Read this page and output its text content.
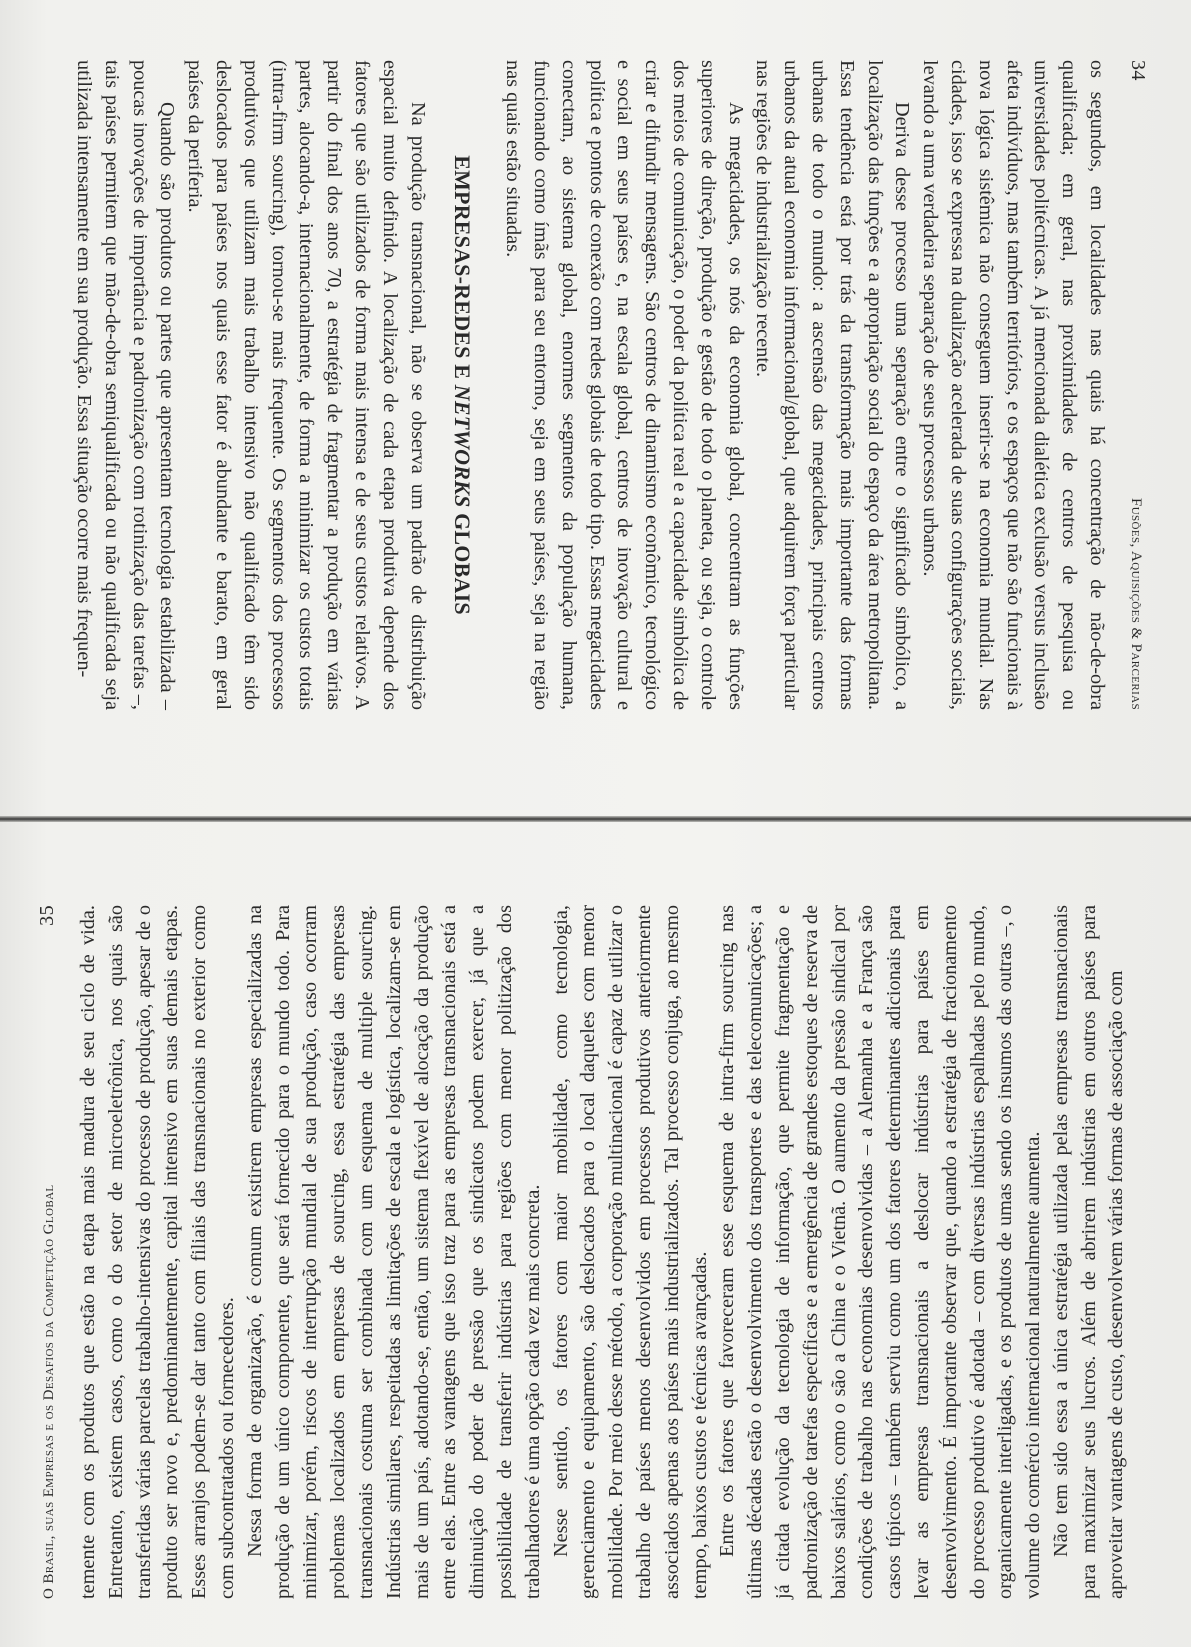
34
Fusões, Aquisições & Parcerias

os segundos, em localidades nas quais há concentração de não-de-obra qualificada; em geral, nas proximidades de centros de pesquisa ou universidades politécnicas. A já mencionada dialética exclusão versus inclusão afeta indivíduos, mas também territórios, e os espaços que não são funcionais à nova lógica sistêmica não conseguem inserir-se na economia mundial. Nas cidades, isso se expressa na dualização acelerada de suas configurações sociais, levando a uma verdadeira separação de seus processos urbanos.

Deriva desse processo uma separação entre o significado simbólico, a localização das funções e a apropriação social do espaço da área metropolitana. Essa tendência está por trás da transformação mais importante das formas urbanas de todo o mundo: a ascensão das megacidades, principais centros urbanos da atual economia informacional/global, que adquirem força particular nas regiões de industrialização recente.

As megacidades, os nós da economia global, concentram as funções superiores de direção, produção e gestão de todo o planeta, ou seja, o controle dos meios de comunicação, o poder da política real e a capacidade simbólica de criar e difundir mensagens. São centros de dinamismo econômico, tecnológico e social em seus países e, na escala global, centros de inovação cultural e política e pontos de conexão com redes globais de todo tipo. Essas megacidades conectam, ao sistema global, enormes segmentos da população humana, funcionando como ímãs para seu entorno, seja em seus países, seja na região nas quais estão situadas.

EMPRESAS-REDES E NETWORKS GLOBAIS

Na produção transnacional, não se observa um padrão de distribuição espacial muito definido. A localização de cada etapa produtiva depende dos fatores que são utilizados de forma mais intensa e de seus custos relativos. A partir do final dos anos 70, a estratégia de fragmentar a produção em várias partes, alocando-a, internacionalmente, de forma a minimizar os custos totais (intra-firm sourcing), tornou-se mais frequente. Os segmentos dos processos produtivos que utilizam mais trabalho intensivo não qualificado têm sido deslocados para países nos quais esse fator é abundante e barato, em geral países da periferia.

Quando são produtos ou partes que apresentam tecnologia estabilizada – poucas inovações de importância e padronização com rotinização das tarefas –, tais países permitem que mão-de-obra semiqualificada ou não qualificada seja utilizada intensamente em sua produção. Essa situação ocorre mais frequen-

35
O Brasil, suas Empresas e os Desafios da Competição Global temente com os produtos que estão na etapa mais madura de seu ciclo de vida. Entretanto, existem casos, como o do setor de microeletrônica, nos quais são transferidas várias parcelas trabalho-intensivas do processo de produção, apesar de o produto ser novo e, predominantemente, capital intensivo em suas demais etapas. Esses arranjos podem-se dar tanto com filiais das transnacionais no exterior como com subcontratados ou fornecedores. Nessa forma de organização, é comum existirem empresas especializadas na produção de um único componente, que será fornecido para o mundo todo. Para minimizar, porém, riscos de interrupção mundial de sua produção, caso ocorram problemas localizados em empresas de sourcing, essa estratégia das empresas transnacionais costuma ser combinada com um esquema de multiple sourcing. Indústrias similares, respeitadas as limitações de escala e logística, localizam-se em mais de um país, adotando-se, então, um sistema flexível de alocação da produção entre elas. Entre as vantagens que isso traz para as empresas transnacionais está a diminuição do poder de pressão que os sindicatos podem exercer, já que a possibilidade de transferir indústrias para regiões com menor politização dos trabalhadores é uma opção cada vez mais concreta. Nesse sentido, os fatores com maior mobilidade, como tecnologia, gerenciamento e equipamento, são deslocados para o local daqueles com menor mobilidade. Por meio desse método, a corporação multinacional é capaz de utilizar o trabalho de países menos desenvolvidos em processos produtivos anteriormente associados apenas aos países mais industrializados. Tal processo conjuga, ao mesmo tempo, baixos custos e técnicas avançadas. Entre os fatores que favoreceram esse esquema de intra-firm sourcing nas últimas décadas estão o desenvolvimento dos transportes e das telecomunicações; a já citada evolução da tecnologia de informação, que permite fragmentação e padronização de tarefas específicas e a emergência de grandes estoques de reserva de baixos salários, como o são a China e o Vietnã. O aumento da pressão sindical por condições de trabalho nas economias desenvolvidas – a Alemanha e a França são casos típicos – também serviu como um dos fatores determinantes adicionais para levar as empresas transnacionais a deslocar indústrias para países em desenvolvimento. É importante observar que, quando a estratégia de fracionamento do processo produtivo é adotada – com diversas indústrias espalhadas pelo mundo, organicamente interligadas, e os produtos de umas sendo os insumos das outras –, o volume do comércio internacional naturalmente aumenta. Não tem sido essa a única estratégia utilizada pelas empresas transnacionais para maximizar seus lucros. Além de abrirem indústrias em outros países para aproveitar vantagens de custo, desenvolvem várias formas de associação com
